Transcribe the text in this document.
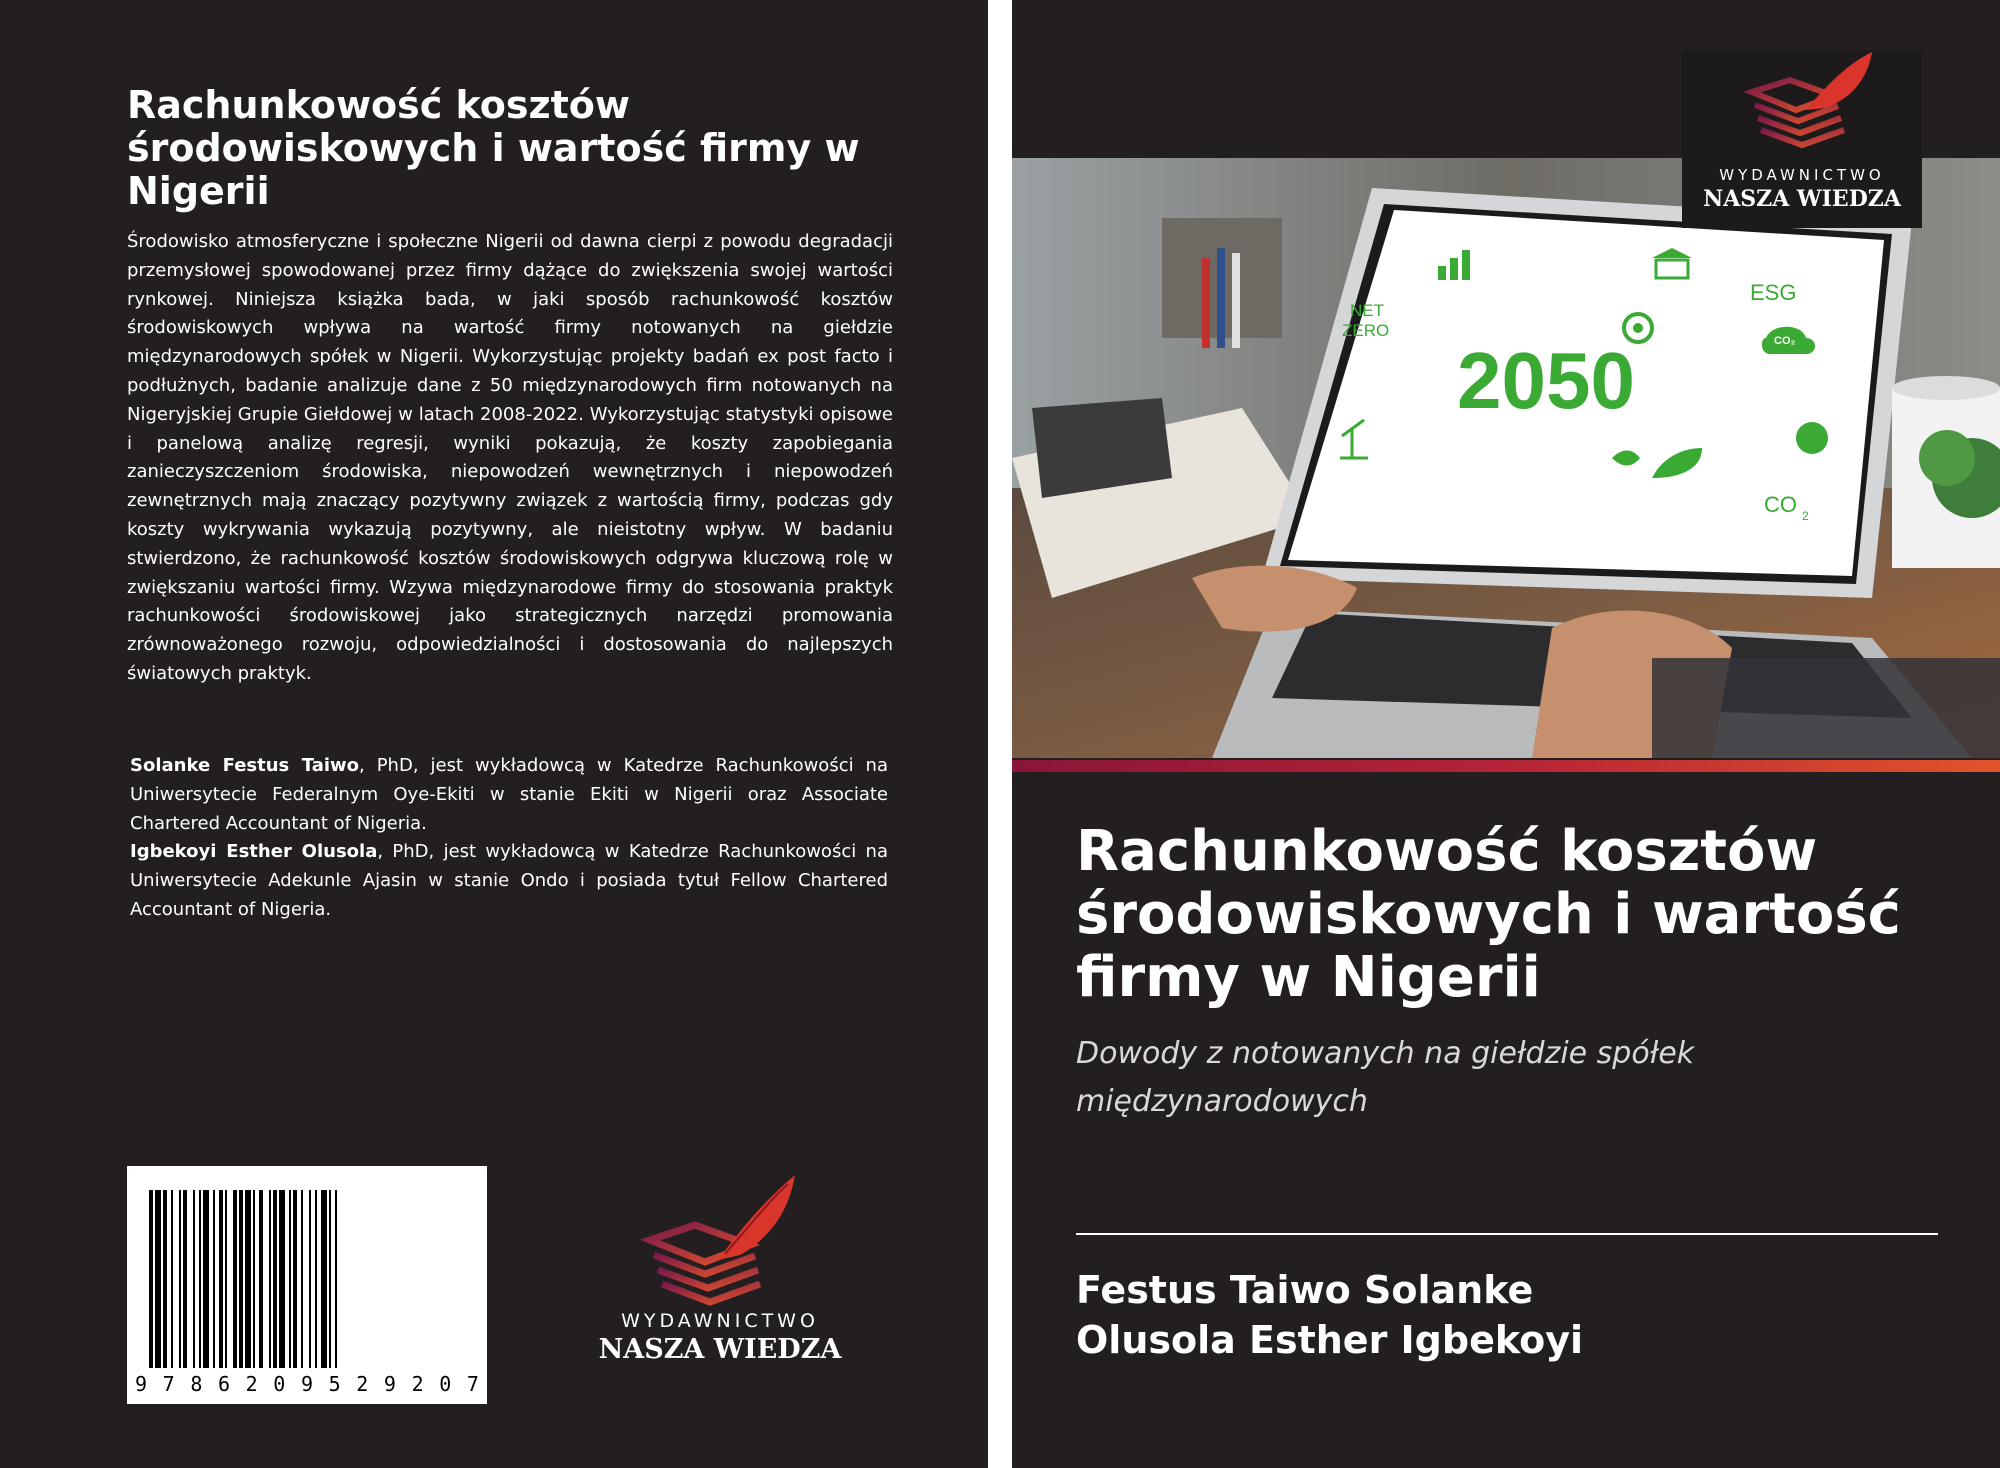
Rachunkowość kosztów środowiskowych i wartość firmy w Nigerii

Środowisko atmosferyczne i społeczne Nigerii od dawna cierpi z powodu degradacji przemysłowej spowodowanej przez firmy dążące do zwiększenia swojej wartości rynkowej. Niniejsza książka bada, w jaki sposób rachunkowość kosztów środowiskowych wpływa na wartość firmy notowanych na giełdzie międzynarodowych spółek w Nigerii. Wykorzystując projekty badań ex post facto i podłużnych, badanie analizuje dane z 50 międzynarodowych firm notowanych na Nigeryjskiej Grupie Giełdowej w latach 2008-2022. Wykorzystując statystyki opisowe i panelową analizę regresji, wyniki pokazują, że koszty zapobiegania zanieczyszczeniom środowiska, niepowodzeń wewnętrznych i niepowodzeń zewnętrznych mają znaczący pozytywny związek z wartością firmy, podczas gdy koszty wykrywania wykazują pozytywny, ale nieistotny wpływ. W badaniu stwierdzono, że rachunkowość kosztów środowiskowych odgrywa kluczową rolę w zwiększaniu wartości firmy. Wzywa międzynarodowe firmy do stosowania praktyk rachunkowości środowiskowej jako strategicznych narzędzi promowania zrównoważonego rozwoju, odpowiedzialności i dostosowania do najlepszych światowych praktyk.

Solanke Festus Taiwo, PhD, jest wykładowcą w Katedrze Rachunkowości na Uniwersytecie Federalnym Oye-Ekiti w stanie Ekiti w Nigerii oraz Associate Chartered Accountant of Nigeria.

Igbekoyi Esther Olusola, PhD, jest wykładowcą w Katedrze Rachunkowości na Uniwersytecie Adekunle Ajasin w stanie Ondo i posiada tytuł Fellow Chartered Accountant of Nigeria.

9 7 8 6 2 0 9 5 2 9 2 0 7
WYDAWNICTWO
NASZA WIEDZA
NET
ZERO
ESG
CO₂
2050
CO 2
WYDAWNICTWO
NASZA WIEDZA
Rachunkowość kosztów środowiskowych i wartość firmy w Nigerii
Dowody z notowanych na giełdzie spółek międzynarodowych
Festus Taiwo Solanke
Olusola Esther Igbekoyi
